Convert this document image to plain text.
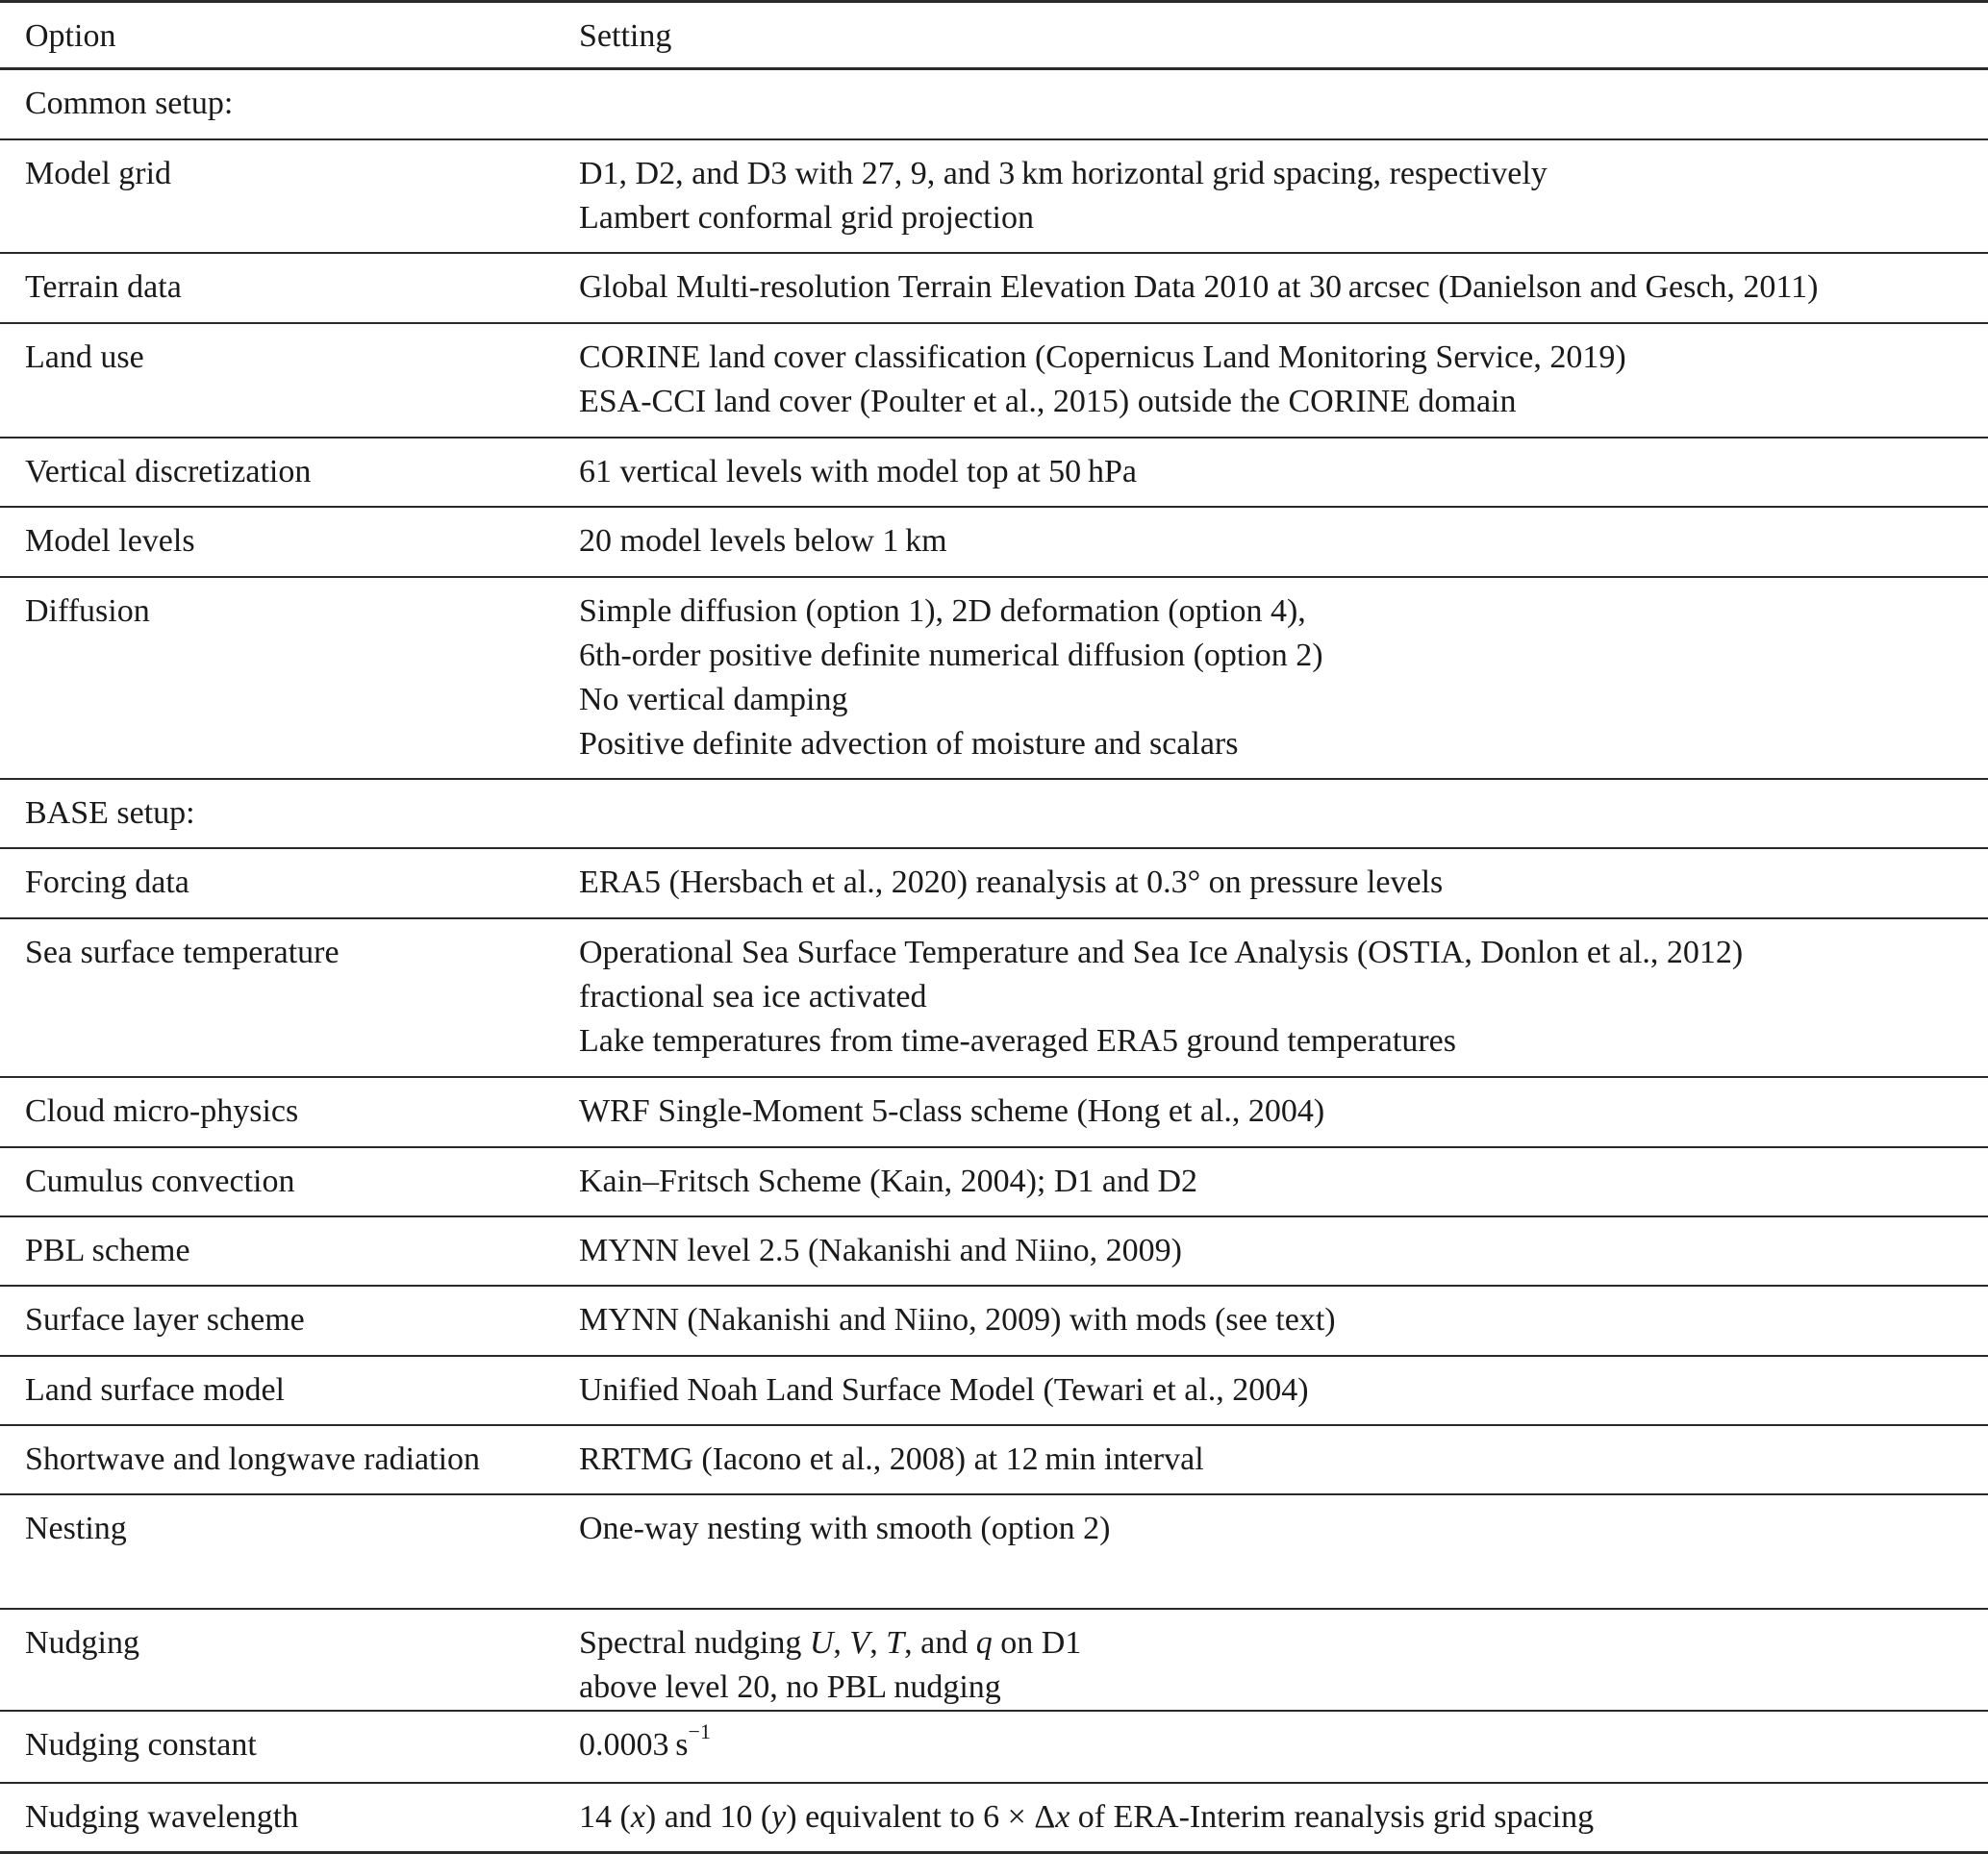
Option	Setting

Common setup:	

Model grid	D1, D2, and D3 with 27, 9, and 3 km horizontal grid spacing, respectively
Lambert conformal grid projection

Terrain data	Global Multi-resolution Terrain Elevation Data 2010 at 30 arcsec (Danielson and Gesch, 2011)

Land use	CORINE land cover classification (Copernicus Land Monitoring Service, 2019)
ESA-CCI land cover (Poulter et al., 2015) outside the CORINE domain

Vertical discretization	61 vertical levels with model top at 50 hPa

Model levels	20 model levels below 1 km

Diffusion	Simple diffusion (option 1), 2D deformation (option 4),
6th-order positive definite numerical diffusion (option 2)
No vertical damping
Positive definite advection of moisture and scalars

BASE setup:	

Forcing data	ERA5 (Hersbach et al., 2020) reanalysis at 0.3° on pressure levels

Sea surface temperature	Operational Sea Surface Temperature and Sea Ice Analysis (OSTIA, Donlon et al., 2012)
fractional sea ice activated
Lake temperatures from time-averaged ERA5 ground temperatures

Cloud micro-physics	WRF Single-Moment 5-class scheme (Hong et al., 2004)

Cumulus convection	Kain–Fritsch Scheme (Kain, 2004); D1 and D2

PBL scheme	MYNN level 2.5 (Nakanishi and Niino, 2009)

Surface layer scheme	MYNN (Nakanishi and Niino, 2009) with mods (see text)

Land surface model	Unified Noah Land Surface Model (Tewari et al., 2004)

Shortwave and longwave radiation	RRTMG (Iacono et al., 2008) at 12 min interval

Nesting	One-way nesting with smooth (option 2)

Nudging	Spectral nudging U, V, T, and q on D1
above level 20, no PBL nudging

Nudging constant	0.0003 $s^{-1}$

Nudging wavelength	14 (x) and 10 (y) equivalent to 6 × Δx of ERA-Interim reanalysis grid spacing
